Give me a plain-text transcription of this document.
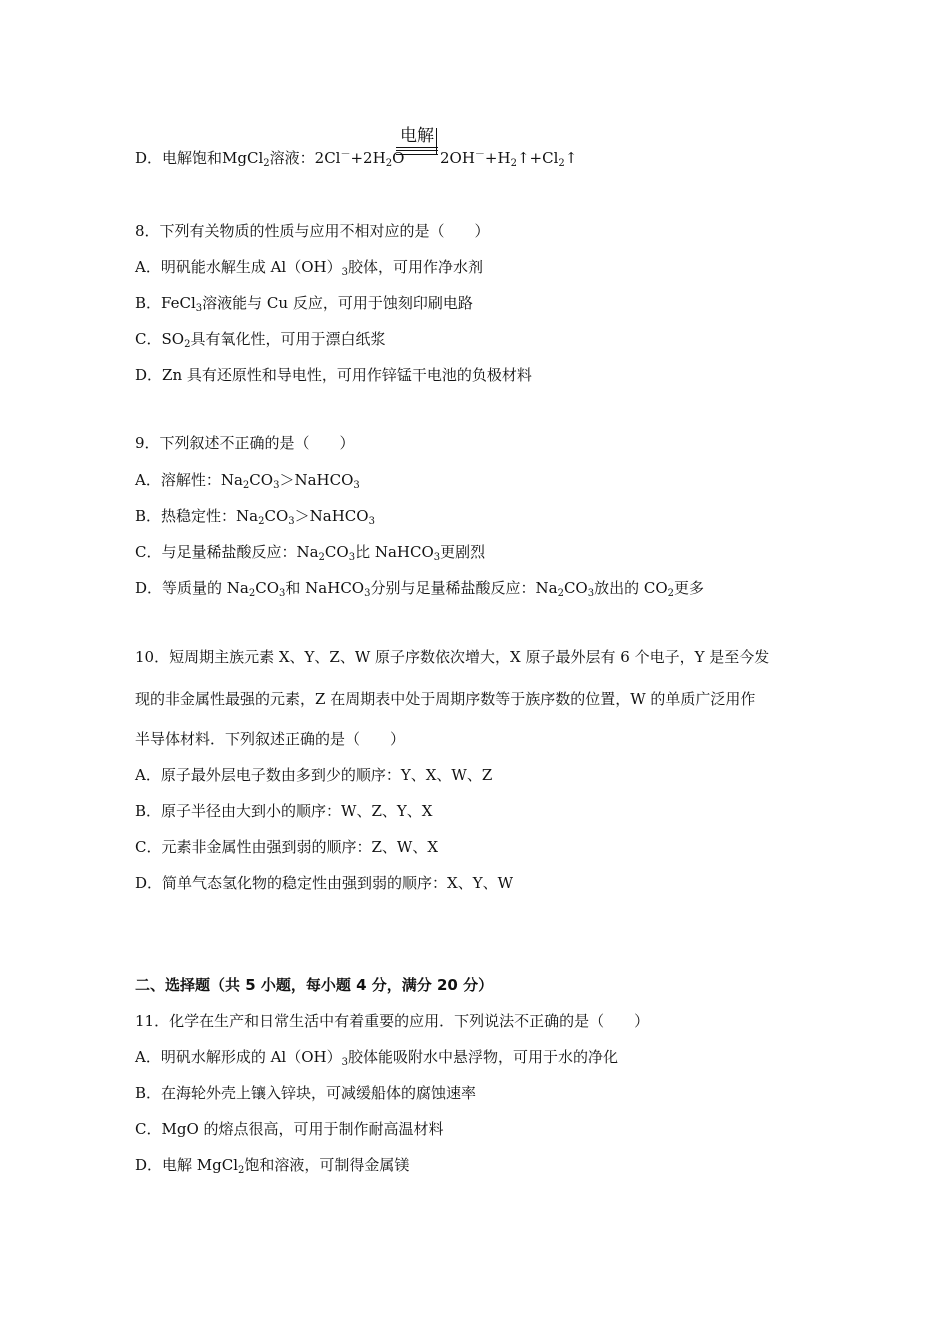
D．电解饱和MgCl$_2$溶液：$2Cl^-+2H_2O$
电解
$2OH^-+H_2↑+Cl_2↑$
8．下列有关物质的性质与应用不相对应的是（　　）
A．明矾能水解生成 $Al(OH)_3$胶体，可用作净水剂
B．FeCl$_3$溶液能与 Cu 反应，可用于蚀刻印刷电路
C．$SO_2$具有氧化性，可用于漂白纸浆
D．Zn 具有还原性和导电性，可用作锌锰干电池的负极材料
9．下列叙述不正确的是（　　）
A．溶解性：$Na_2CO_3>NaHCO_3$
B．热稳定性：$Na_2CO_3>NaHCO_3$
C．与足量稀盐酸反应：$Na_2CO_3$比 NaHCO$_3$更剧烈
D．等质量的 $Na_2CO_3$和 NaHCO$_3$分别与足量稀盐酸反应：$Na_2CO_3$放出的 $CO_2$更多
10．短周期主族元素 X、Y、Z、W 原子序数依次增大，X 原子最外层有 6 个电子，Y 是至今发
现的非金属性最强的元素，Z 在周期表中处于周期序数等于族序数的位置，W 的单质广泛用作
半导体材料．下列叙述正确的是（　　）
A．原子最外层电子数由多到少的顺序：Y、X、W、Z
B．原子半径由大到小的顺序：W、Z、Y、X
C．元素非金属性由强到弱的顺序：Z、W、X
D．简单气态氢化物的稳定性由强到弱的顺序：X、Y、W
二、选择题（共 5 小题，每小题 4 分，满分 20 分）
11．化学在生产和日常生活中有着重要的应用．下列说法不正确的是（　　）
A．明矾水解形成的 $Al(OH)_3$胶体能吸附水中悬浮物，可用于水的净化
B．在海轮外壳上镶入锌块，可减缓船体的腐蚀速率
C．MgO 的熔点很高，可用于制作耐高温材料
D．电解 MgCl$_2$饱和溶液，可制得金属镁
